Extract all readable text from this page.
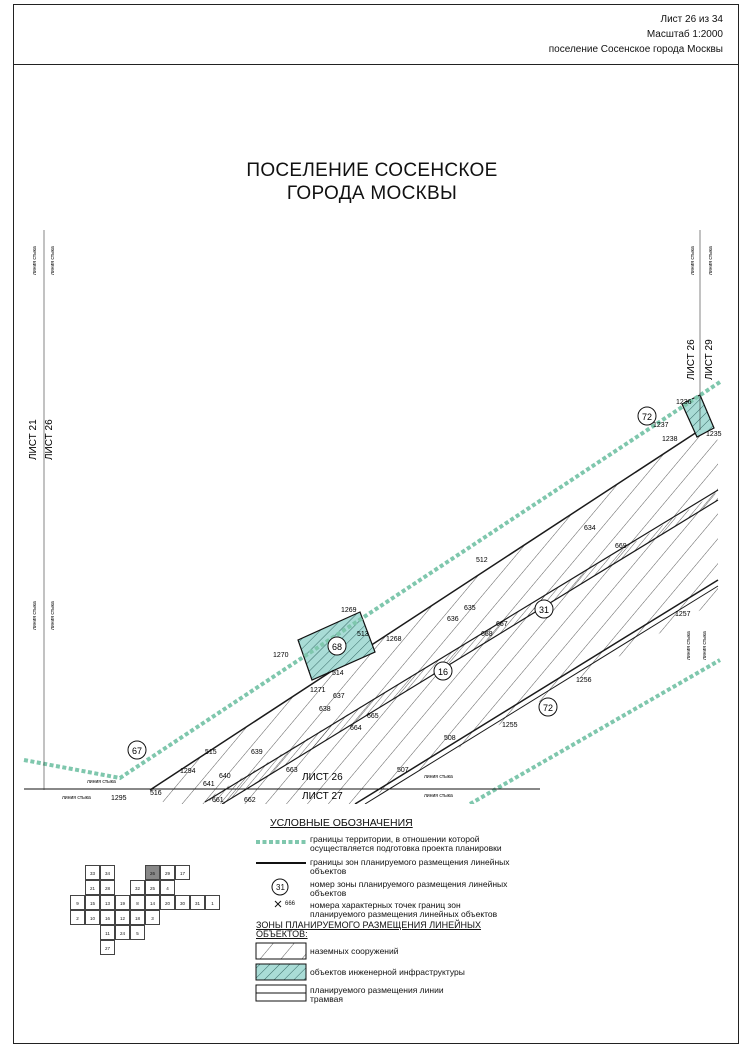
Лист 26 из 34
Масштаб 1:2000
поселение Сосенское города Москвы
ПОСЕЛЕНИЕ СОСЕНСКОЕ
ГОРОДА МОСКВЫ
72
68
67
31
16
72
1236
1237
1238
1235
634
669
512
635
636
667
668
1269
513
1268
1270
514
1271
1257
1256
637
638
665
664
508
1255
639
663
515
1294	507
640
641
661	662
1295
516
ЛИСТ 21 ЛИСТ 26
ЛИСТ 26 ЛИСТ 29
ЛИСТ 26
ЛИСТ 27
линия стыка линия стыка
линия стыка линия стыка
линия стыка линия стыка
линия стыка линия стыка
линия стыка
линия стыка
линия стыка
линия стыка
УСЛОВНЫЕ ОБОЗНАЧЕНИЯ
границы территории, в отношении которой осуществляется подготовка проекта планировки
границы зон планируемого размещения линейных объектов
номер зоны планируемого размещения линейных объектов
номера характерных точек границ зон планируемого размещения линейных объектов
31
666
ЗОНЫ ПЛАНИРУЕМОГО РАЗМЕЩЕНИЯ ЛИНЕЙНЫХ ОБЪЕКТОВ:
наземных сооружений
объектов инженерной инфраструктуры
планируемого размещения линии трамвая
33	34	26	29	17
21	28	32	25	4
9	15	13	19	8	14	20	30	31	1
2	10	16	12	18	3
11	24	5
27
